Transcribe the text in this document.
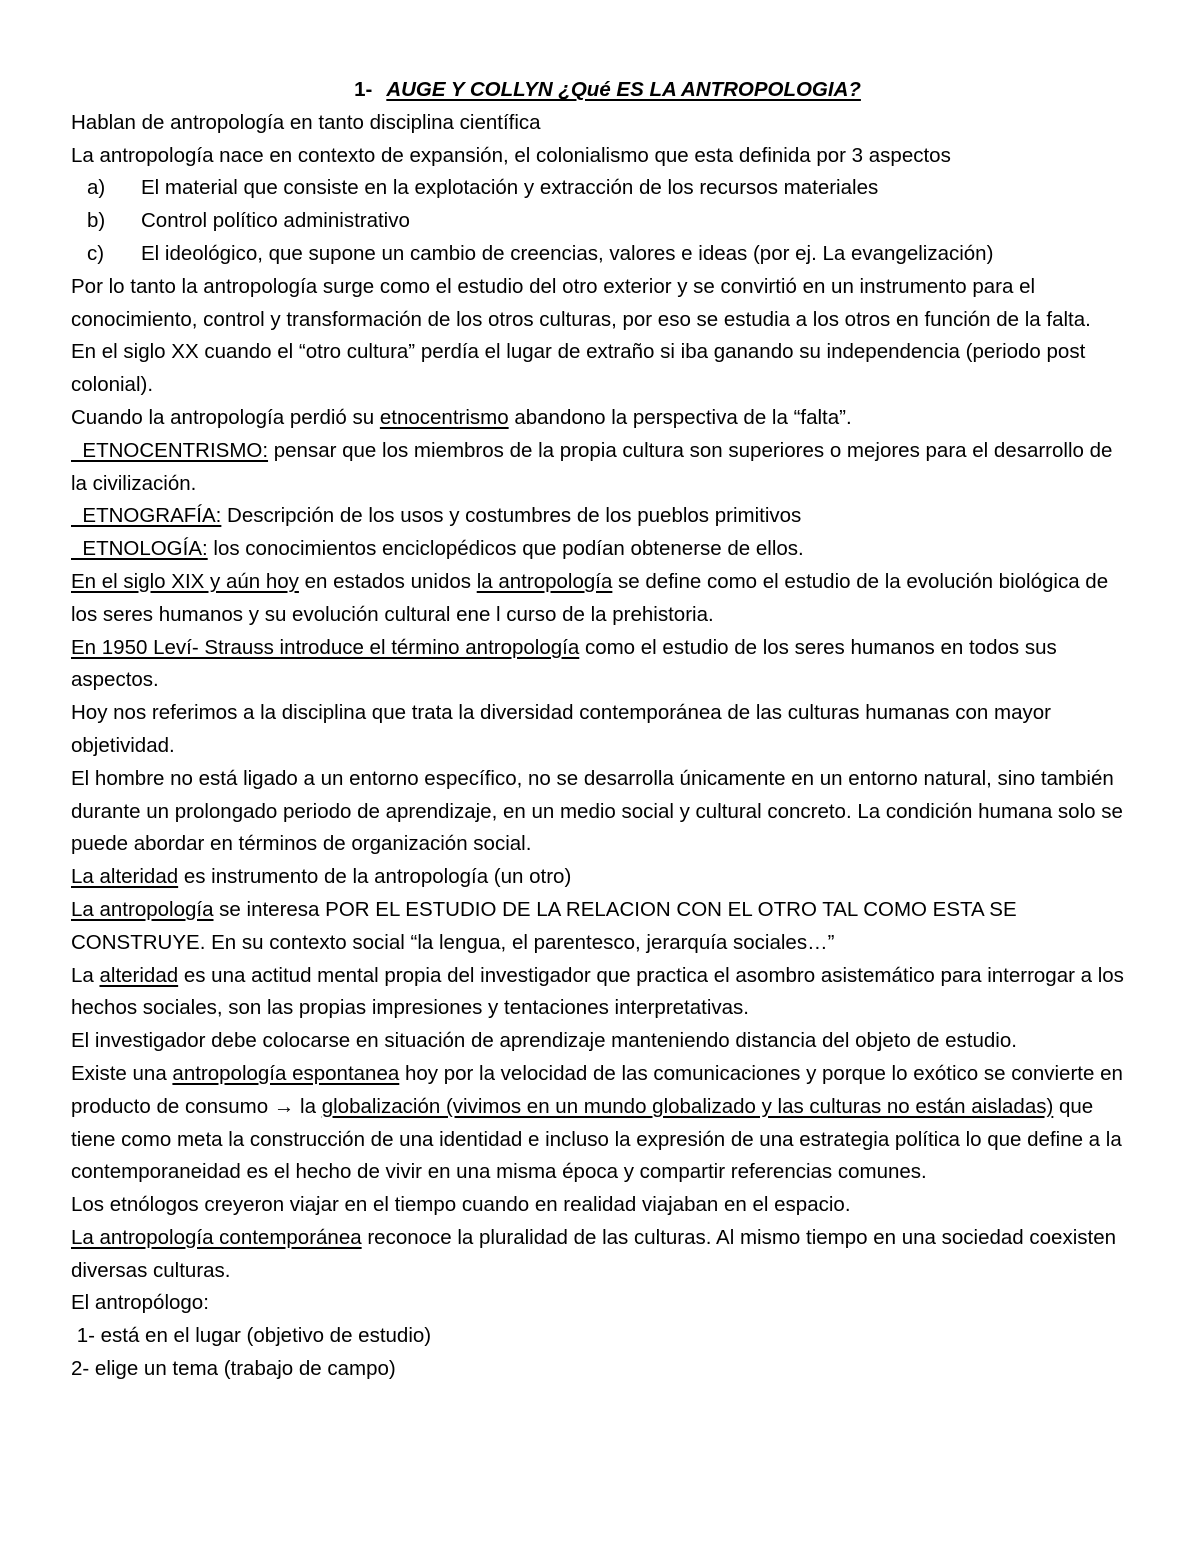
1- AUGE Y COLLYN ¿Qué ES LA ANTROPOLOGIA?

Hablan de antropología en tanto disciplina científica

La antropología nace en contexto de expansión, el colonialismo que esta definida por 3 aspectos

a) El material que consiste en la explotación y extracción de los recursos materiales

b) Control político administrativo

c) El ideológico, que supone un cambio de creencias, valores e ideas (por ej. La evangelización)

Por lo tanto la antropología surge como el estudio del otro exterior y se convirtió en un instrumento para el conocimiento, control y transformación de los otros culturas, por eso se estudia a los otros en función de la falta.

En el siglo XX cuando el “otro cultura” perdía el lugar de extraño si iba ganando su independencia (periodo post colonial).

Cuando la antropología perdió su etnocentrismo abandono la perspectiva de la “falta”.

ETNOCENTRISMO: pensar que los miembros de la propia cultura son superiores o mejores para el desarrollo de la civilización.

ETNOGRAFÍA: Descripción de los usos y costumbres de los pueblos primitivos

ETNOLOGÍA: los conocimientos enciclopédicos que podían obtenerse de ellos.

En el siglo XIX y aún hoy en estados unidos la antropología se define como el estudio de la evolución biológica de los seres humanos y su evolución cultural ene l curso de la prehistoria.

En 1950 Leví- Strauss introduce el término antropología como el estudio de los seres humanos en todos sus aspectos.

Hoy nos referimos a la disciplina que trata la diversidad contemporánea de las culturas humanas con mayor objetividad.

El hombre no está ligado a un entorno específico, no se desarrolla únicamente en un entorno natural, sino también durante un prolongado periodo de aprendizaje, en un medio social y cultural concreto. La condición humana solo se puede abordar en términos de organización social.

La alteridad es instrumento de la antropología (un otro)

La antropología se interesa POR EL ESTUDIO DE LA RELACION CON EL OTRO TAL COMO ESTA SE CONSTRUYE. En su contexto social “la lengua, el parentesco, jerarquía sociales…”

La alteridad es una actitud mental propia del investigador que practica el asombro asistemático para interrogar a los hechos sociales, son las propias impresiones y tentaciones interpretativas.

El investigador debe colocarse en situación de aprendizaje manteniendo distancia del objeto de estudio.

Existe una antropología espontanea hoy por la velocidad de las comunicaciones y porque lo exótico se convierte en producto de consumo → la globalización (vivimos en un mundo globalizado y las culturas no están aisladas) que tiene como meta la construcción de una identidad e incluso la expresión de una estrategia política lo que define a la contemporaneidad es el hecho de vivir en una misma época y compartir referencias comunes.

Los etnólogos creyeron viajar en el tiempo cuando en realidad viajaban en el espacio.

La antropología contemporánea reconoce la pluralidad de las culturas. Al mismo tiempo en una sociedad coexisten diversas culturas.

El antropólogo:

1- está en el lugar (objetivo de estudio)

2- elige un tema (trabajo de campo)
